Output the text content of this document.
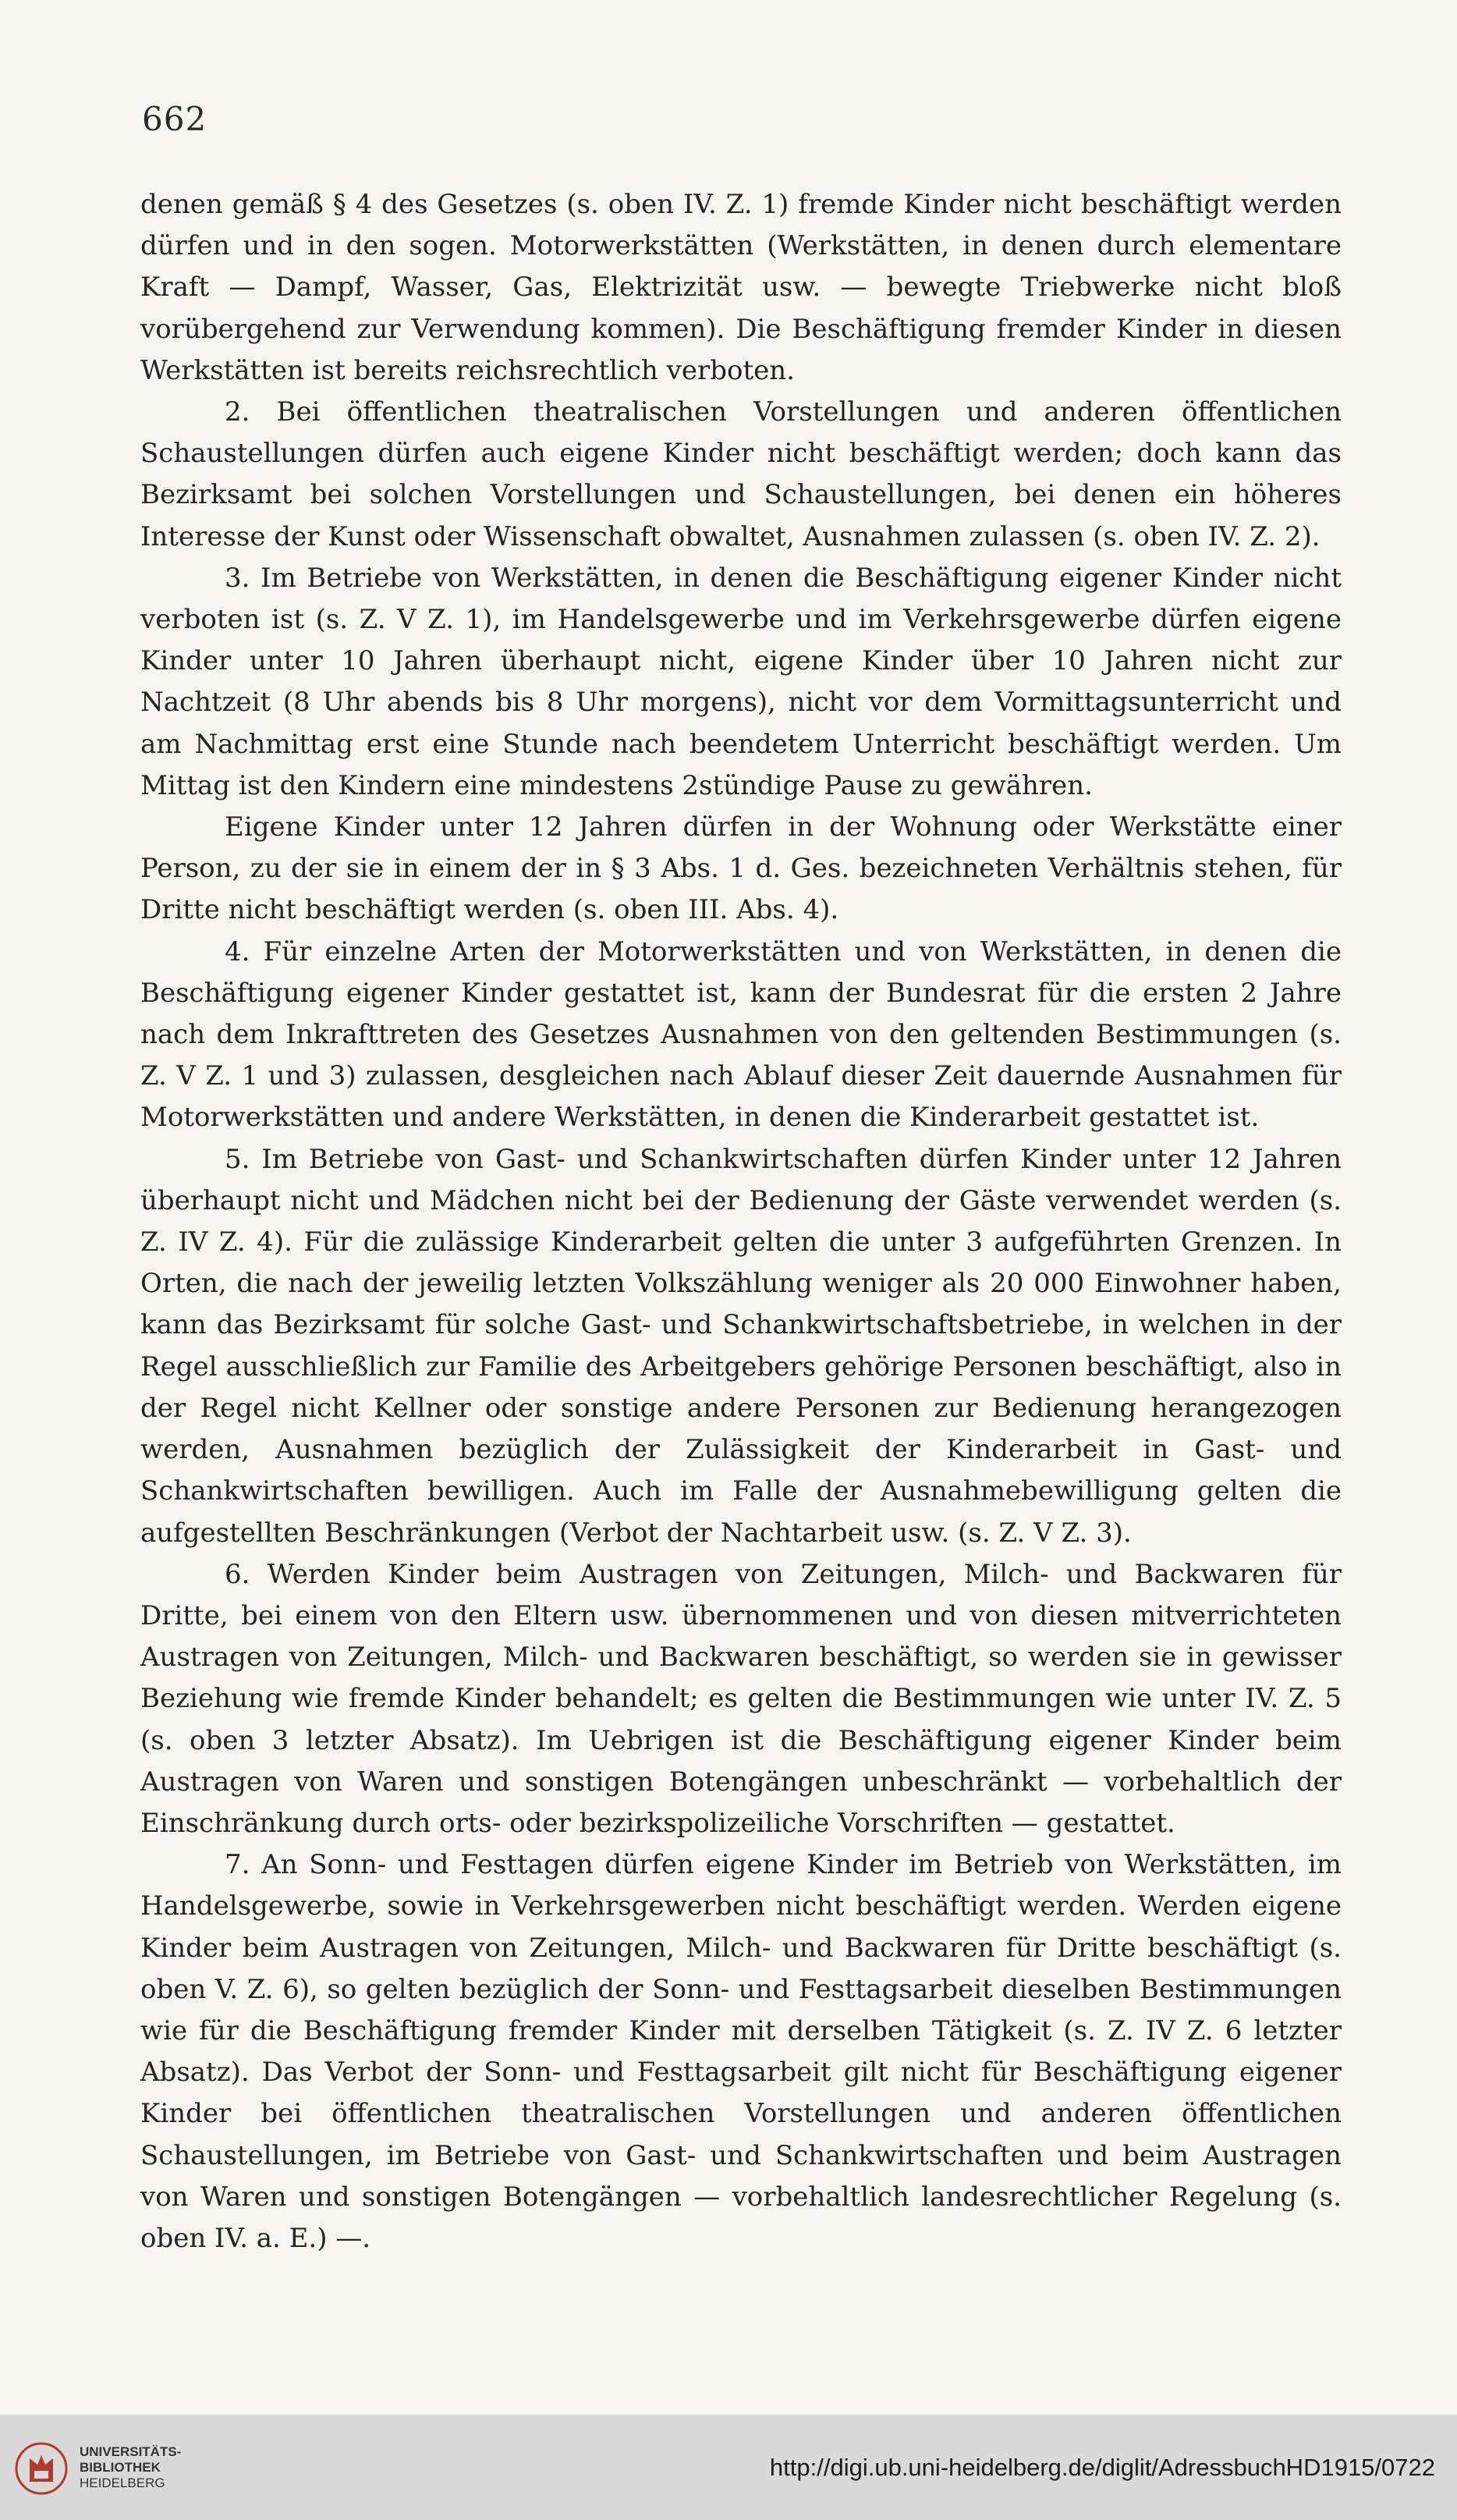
662

denen gemäß § 4 des Gesetzes (s. oben IV. Z. 1) fremde Kinder nicht beschäftigt werden dürfen und in den sogen. Motorwerkstätten (Werkstätten, in denen durch elementare Kraft — Dampf, Wasser, Gas, Elektrizität usw. — bewegte Triebwerke nicht bloß vorübergehend zur Verwendung kommen). Die Beschäftigung fremder Kinder in diesen Werkstätten ist bereits reichsrechtlich verboten.

2. Bei öffentlichen theatralischen Vorstellungen und anderen öffentlichen Schaustellungen dürfen auch eigene Kinder nicht beschäftigt werden; doch kann das Bezirksamt bei solchen Vorstellungen und Schaustellungen, bei denen ein höheres Interesse der Kunst oder Wissenschaft obwaltet, Ausnahmen zulassen (s. oben IV. Z. 2).

3. Im Betriebe von Werkstätten, in denen die Beschäftigung eigener Kinder nicht verboten ist (s. Z. V Z. 1), im Handelsgewerbe und im Verkehrsgewerbe dürfen eigene Kinder unter 10 Jahren überhaupt nicht, eigene Kinder über 10 Jahren nicht zur Nachtzeit (8 Uhr abends bis 8 Uhr morgens), nicht vor dem Vormittagsunterricht und am Nachmittag erst eine Stunde nach beendetem Unterricht beschäftigt werden. Um Mittag ist den Kindern eine mindestens 2stündige Pause zu gewähren.

Eigene Kinder unter 12 Jahren dürfen in der Wohnung oder Werkstätte einer Person, zu der sie in einem der in § 3 Abs. 1 d. Ges. bezeichneten Verhältnis stehen, für Dritte nicht beschäftigt werden (s. oben III. Abs. 4).

4. Für einzelne Arten der Motorwerkstätten und von Werkstätten, in denen die Beschäftigung eigener Kinder gestattet ist, kann der Bundesrat für die ersten 2 Jahre nach dem Inkrafttreten des Gesetzes Ausnahmen von den geltenden Bestimmungen (s. Z. V Z. 1 und 3) zulassen, desgleichen nach Ablauf dieser Zeit dauernde Ausnahmen für Motorwerkstätten und andere Werkstätten, in denen die Kinderarbeit gestattet ist.

5. Im Betriebe von Gast- und Schankwirtschaften dürfen Kinder unter 12 Jahren überhaupt nicht und Mädchen nicht bei der Bedienung der Gäste verwendet werden (s. Z. IV Z. 4). Für die zulässige Kinderarbeit gelten die unter 3 aufgeführten Grenzen. In Orten, die nach der jeweilig letzten Volkszählung weniger als 20 000 Einwohner haben, kann das Bezirksamt für solche Gast- und Schankwirtschaftsbetriebe, in welchen in der Regel ausschließlich zur Familie des Arbeitgebers gehörige Personen beschäftigt, also in der Regel nicht Kellner oder sonstige andere Personen zur Bedienung herangezogen werden, Ausnahmen bezüglich der Zulässigkeit der Kinderarbeit in Gast- und Schankwirtschaften bewilligen. Auch im Falle der Ausnahmebewilligung gelten die aufgestellten Beschränkungen (Verbot der Nachtarbeit usw. (s. Z. V Z. 3).

6. Werden Kinder beim Austragen von Zeitungen, Milch- und Backwaren für Dritte, bei einem von den Eltern usw. übernommenen und von diesen mitverrichteten Austragen von Zeitungen, Milch- und Backwaren beschäftigt, so werden sie in gewisser Beziehung wie fremde Kinder behandelt; es gelten die Bestimmungen wie unter IV. Z. 5 (s. oben 3 letzter Absatz). Im Uebrigen ist die Beschäftigung eigener Kinder beim Austragen von Waren und sonstigen Botengängen unbeschränkt — vorbehaltlich der Einschränkung durch orts- oder bezirkspolizeiliche Vorschriften — gestattet.

7. An Sonn- und Festtagen dürfen eigene Kinder im Betrieb von Werkstätten, im Handelsgewerbe, sowie in Verkehrsgewerben nicht beschäftigt werden. Werden eigene Kinder beim Austragen von Zeitungen, Milch- und Backwaren für Dritte beschäftigt (s. oben V. Z. 6), so gelten bezüglich der Sonn- und Festtagsarbeit dieselben Bestimmungen wie für die Beschäftigung fremder Kinder mit derselben Tätigkeit (s. Z. IV Z. 6 letzter Absatz). Das Verbot der Sonn- und Festtagsarbeit gilt nicht für Beschäftigung eigener Kinder bei öffentlichen theatralischen Vorstellungen und anderen öffentlichen Schaustellungen, im Betriebe von Gast- und Schankwirtschaften und beim Austragen von Waren und sonstigen Botengängen — vorbehaltlich landesrechtlicher Regelung (s. oben IV. a. E.) —.

UNIVERSITÄTS-
BIBLIOTHEK
HEIDELBERG
http://digi.ub.uni-heidelberg.de/diglit/AdressbuchHD1915/0722
